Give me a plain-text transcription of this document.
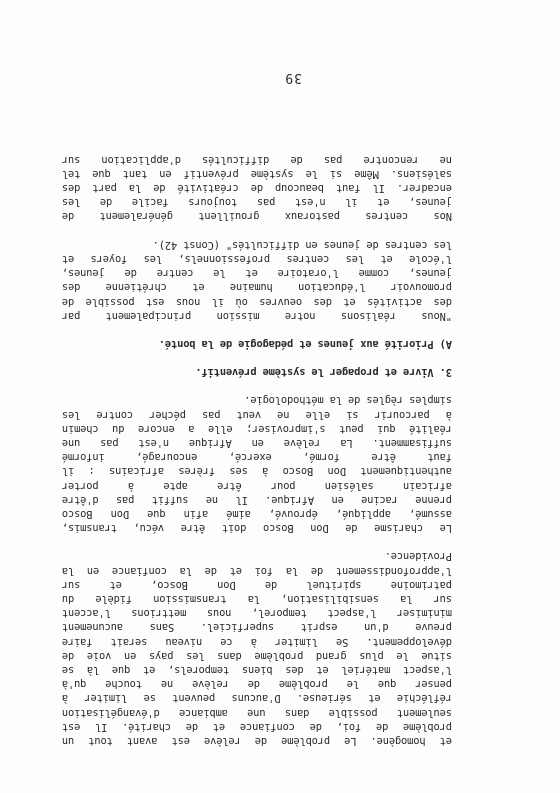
et homogène. Le problème de relève est avant tout un
problème de foi, de confiance et de charité. Il est
seulement possible dans une ambiance d'évangélisation
réfléchie et sérieuse. D'aucuns peuvent se limiter à
penser que le problème de relève ne touche qu'à
l'aspect matériel et des biens temporels, et que là se
situe le plus grand problème dans les pays en voie de
développement. Se limiter à ce niveau serait faire
preuve d'un esprit superficiel. Sans aucunement
minimiser l'aspect temporel, nous mettrions l'accent
sur la sensibilisation, la transmission fidèle du
patrimoine spirituel de Don Bosco, et sur
l'approfondissement de la foi et de la confiance en la
Providence.
Le charisme de Don Bosco doit être vécu, transmis,
assumé, appliqué, éprouvé, aimé afin que Don Bosco
prenne racine en Afrique. Il ne suffit pas d'être
africain salésien pour être apte à porter
authentiquement Don Bosco à ses frères africains : il
faut être formé, exercé, encouragé, informé
suffisamment. La relève en Afrique n'est pas une
réalité qui peut s'improviser; elle a encore du chemin
à parcourir si elle ne veut pas pécher contre les
simples règles de la méthodologie.
3. Vivre et propager le système préventif.
A) Priorité aux jeunes et pédagogie de la bonté.
"Nous réalisons notre mission principalement par
des activités et des oeuvres où il nous est possible de
promouvoir l'éducation humaine et chrétienne des
jeunes, comme l'oratoire et le centre de jeunes,
l'école et les centres professionnels, les foyers et
les centres de jeunes en difficultés" (Const 42).
Nos centres pastoraux grouillent généralement de
jeunes, et il n'est pas toujours facile de les
encadrer. Il faut beaucoup de créativité de la part des
salésiens. Même si le système préventif en tant que tel
ne rencontre pas de difficultés d'application sur
39
